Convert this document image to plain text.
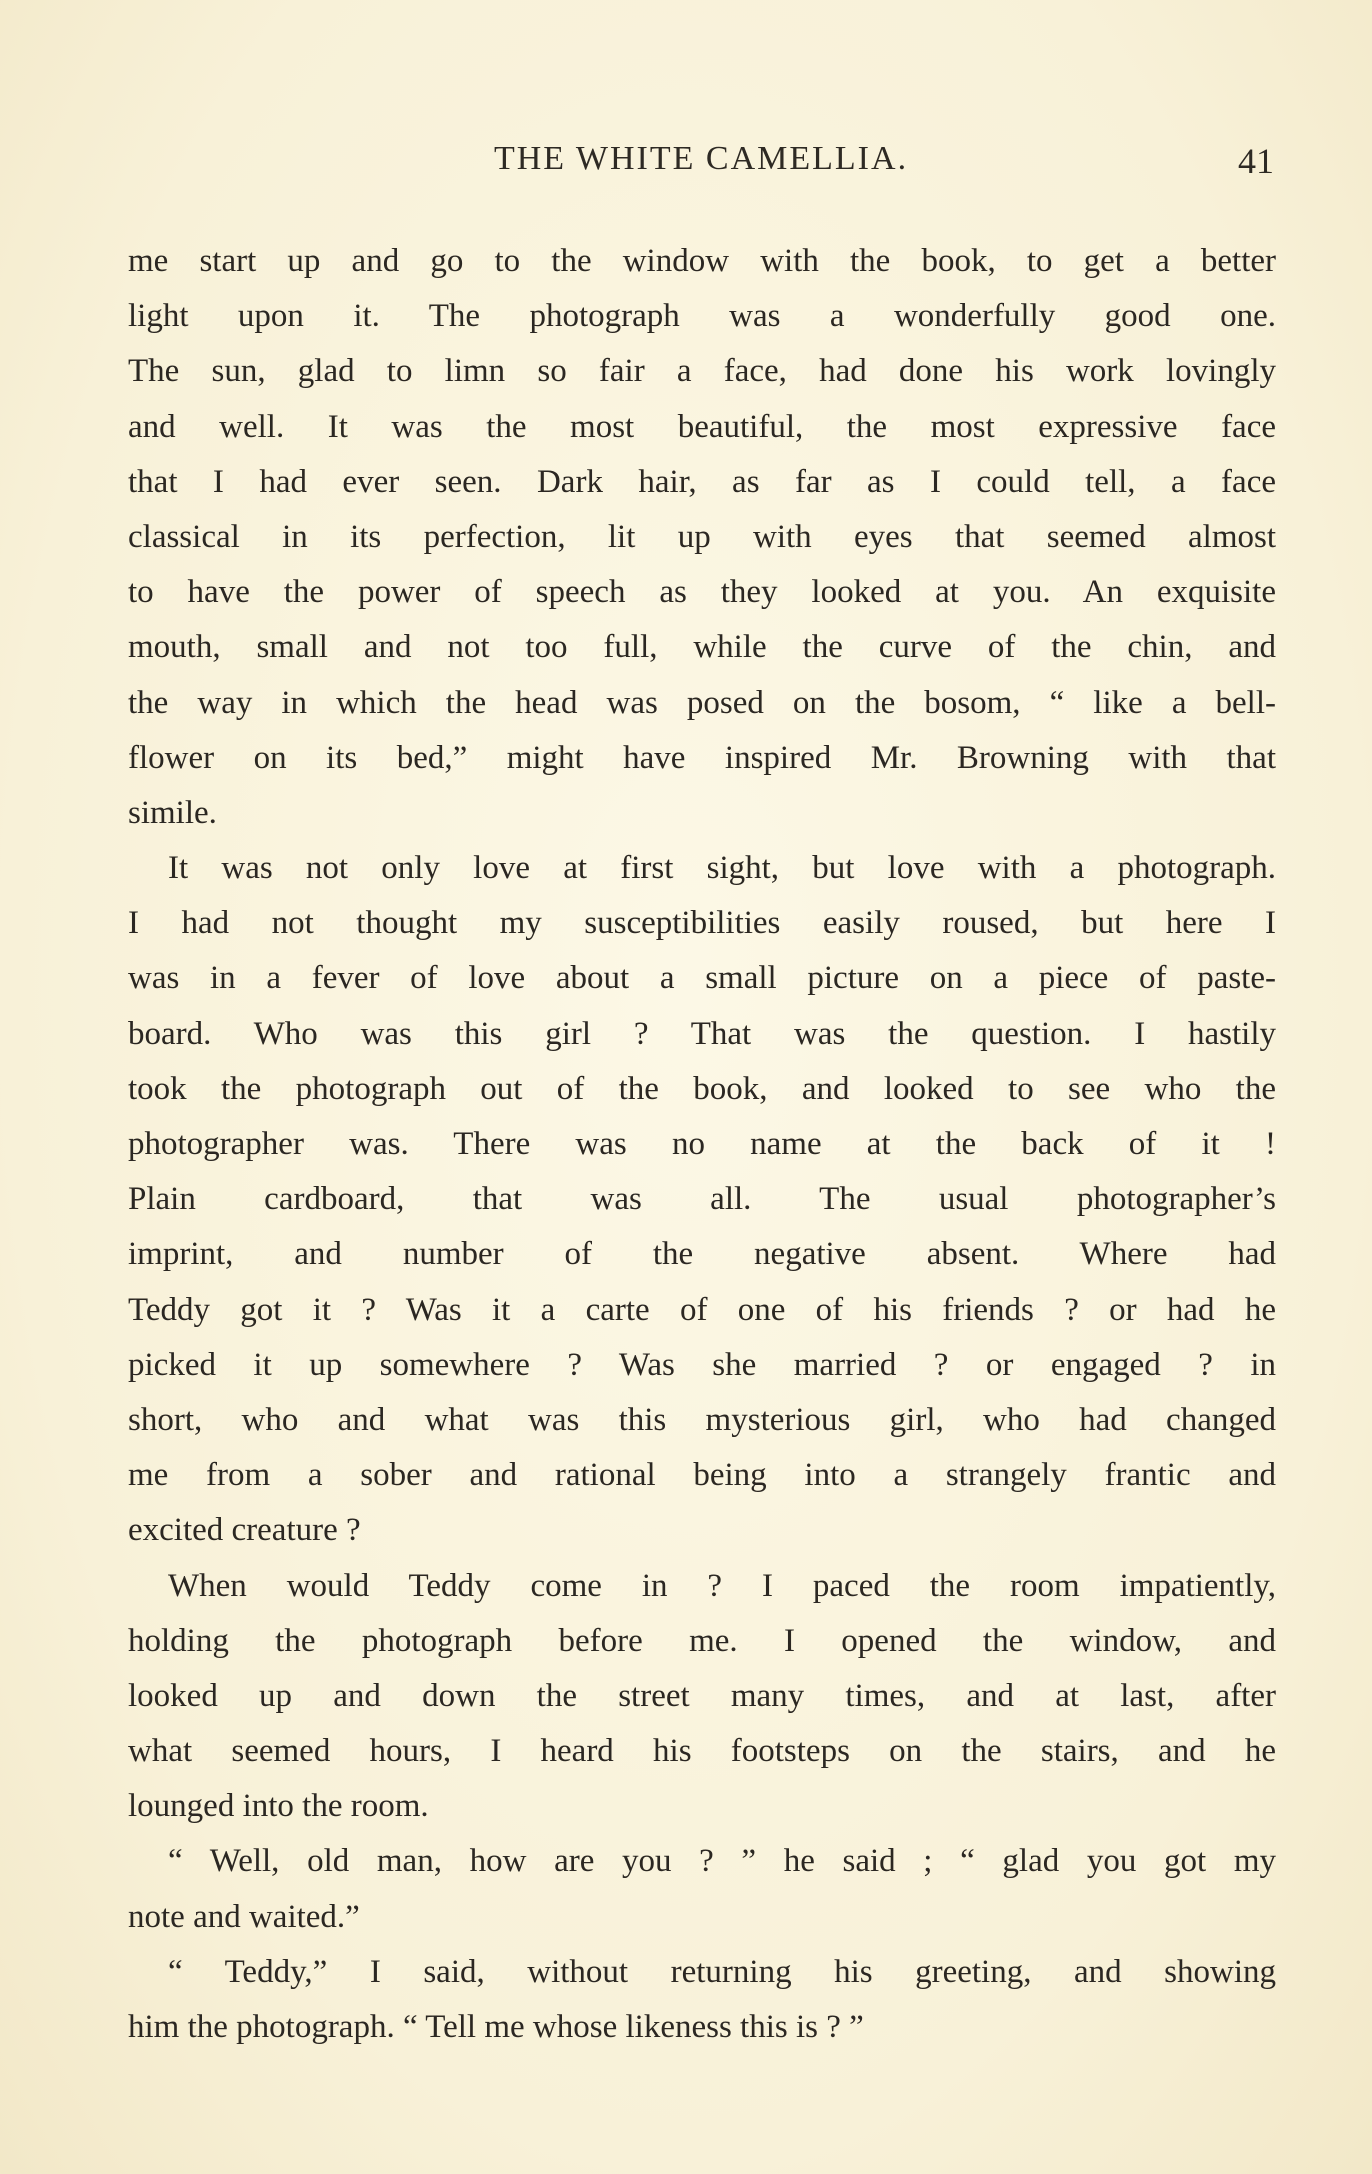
THE WHITE CAMELLIA.	41
me start up and go to the window with the book, to get a better
light upon it. The photograph was a wonderfully good one.
The sun, glad to limn so fair a face, had done his work lovingly
and well. It was the most beautiful, the most expressive face
that I had ever seen. Dark hair, as far as I could tell, a face
classical in its perfection, lit up with eyes that seemed almost
to have the power of speech as they looked at you. An exquisite
mouth, small and not too full, while the curve of the chin, and
the way in which the head was posed on the bosom, “ like a bell-
flower on its bed,” might have inspired Mr. Browning with that
simile.
It was not only love at first sight, but love with a photograph.
I had not thought my susceptibilities easily roused, but here I
was in a fever of love about a small picture on a piece of paste-
board. Who was this girl ? That was the question. I hastily
took the photograph out of the book, and looked to see who the
photographer was. There was no name at the back of it !
Plain cardboard, that was all. The usual photographer’s
imprint, and number of the negative absent. Where had
Teddy got it ? Was it a carte of one of his friends ? or had he
picked it up somewhere ? Was she married ? or engaged ? in
short, who and what was this mysterious girl, who had changed
me from a sober and rational being into a strangely frantic and
excited creature ?
When would Teddy come in ? I paced the room impatiently,
holding the photograph before me. I opened the window, and
looked up and down the street many times, and at last, after
what seemed hours, I heard his footsteps on the stairs, and he
lounged into the room.
“ Well, old man, how are you ? ” he said ; “ glad you got my
note and waited.”
“ Teddy,” I said, without returning his greeting, and showing
him the photograph. “ Tell me whose likeness this is ? ”
